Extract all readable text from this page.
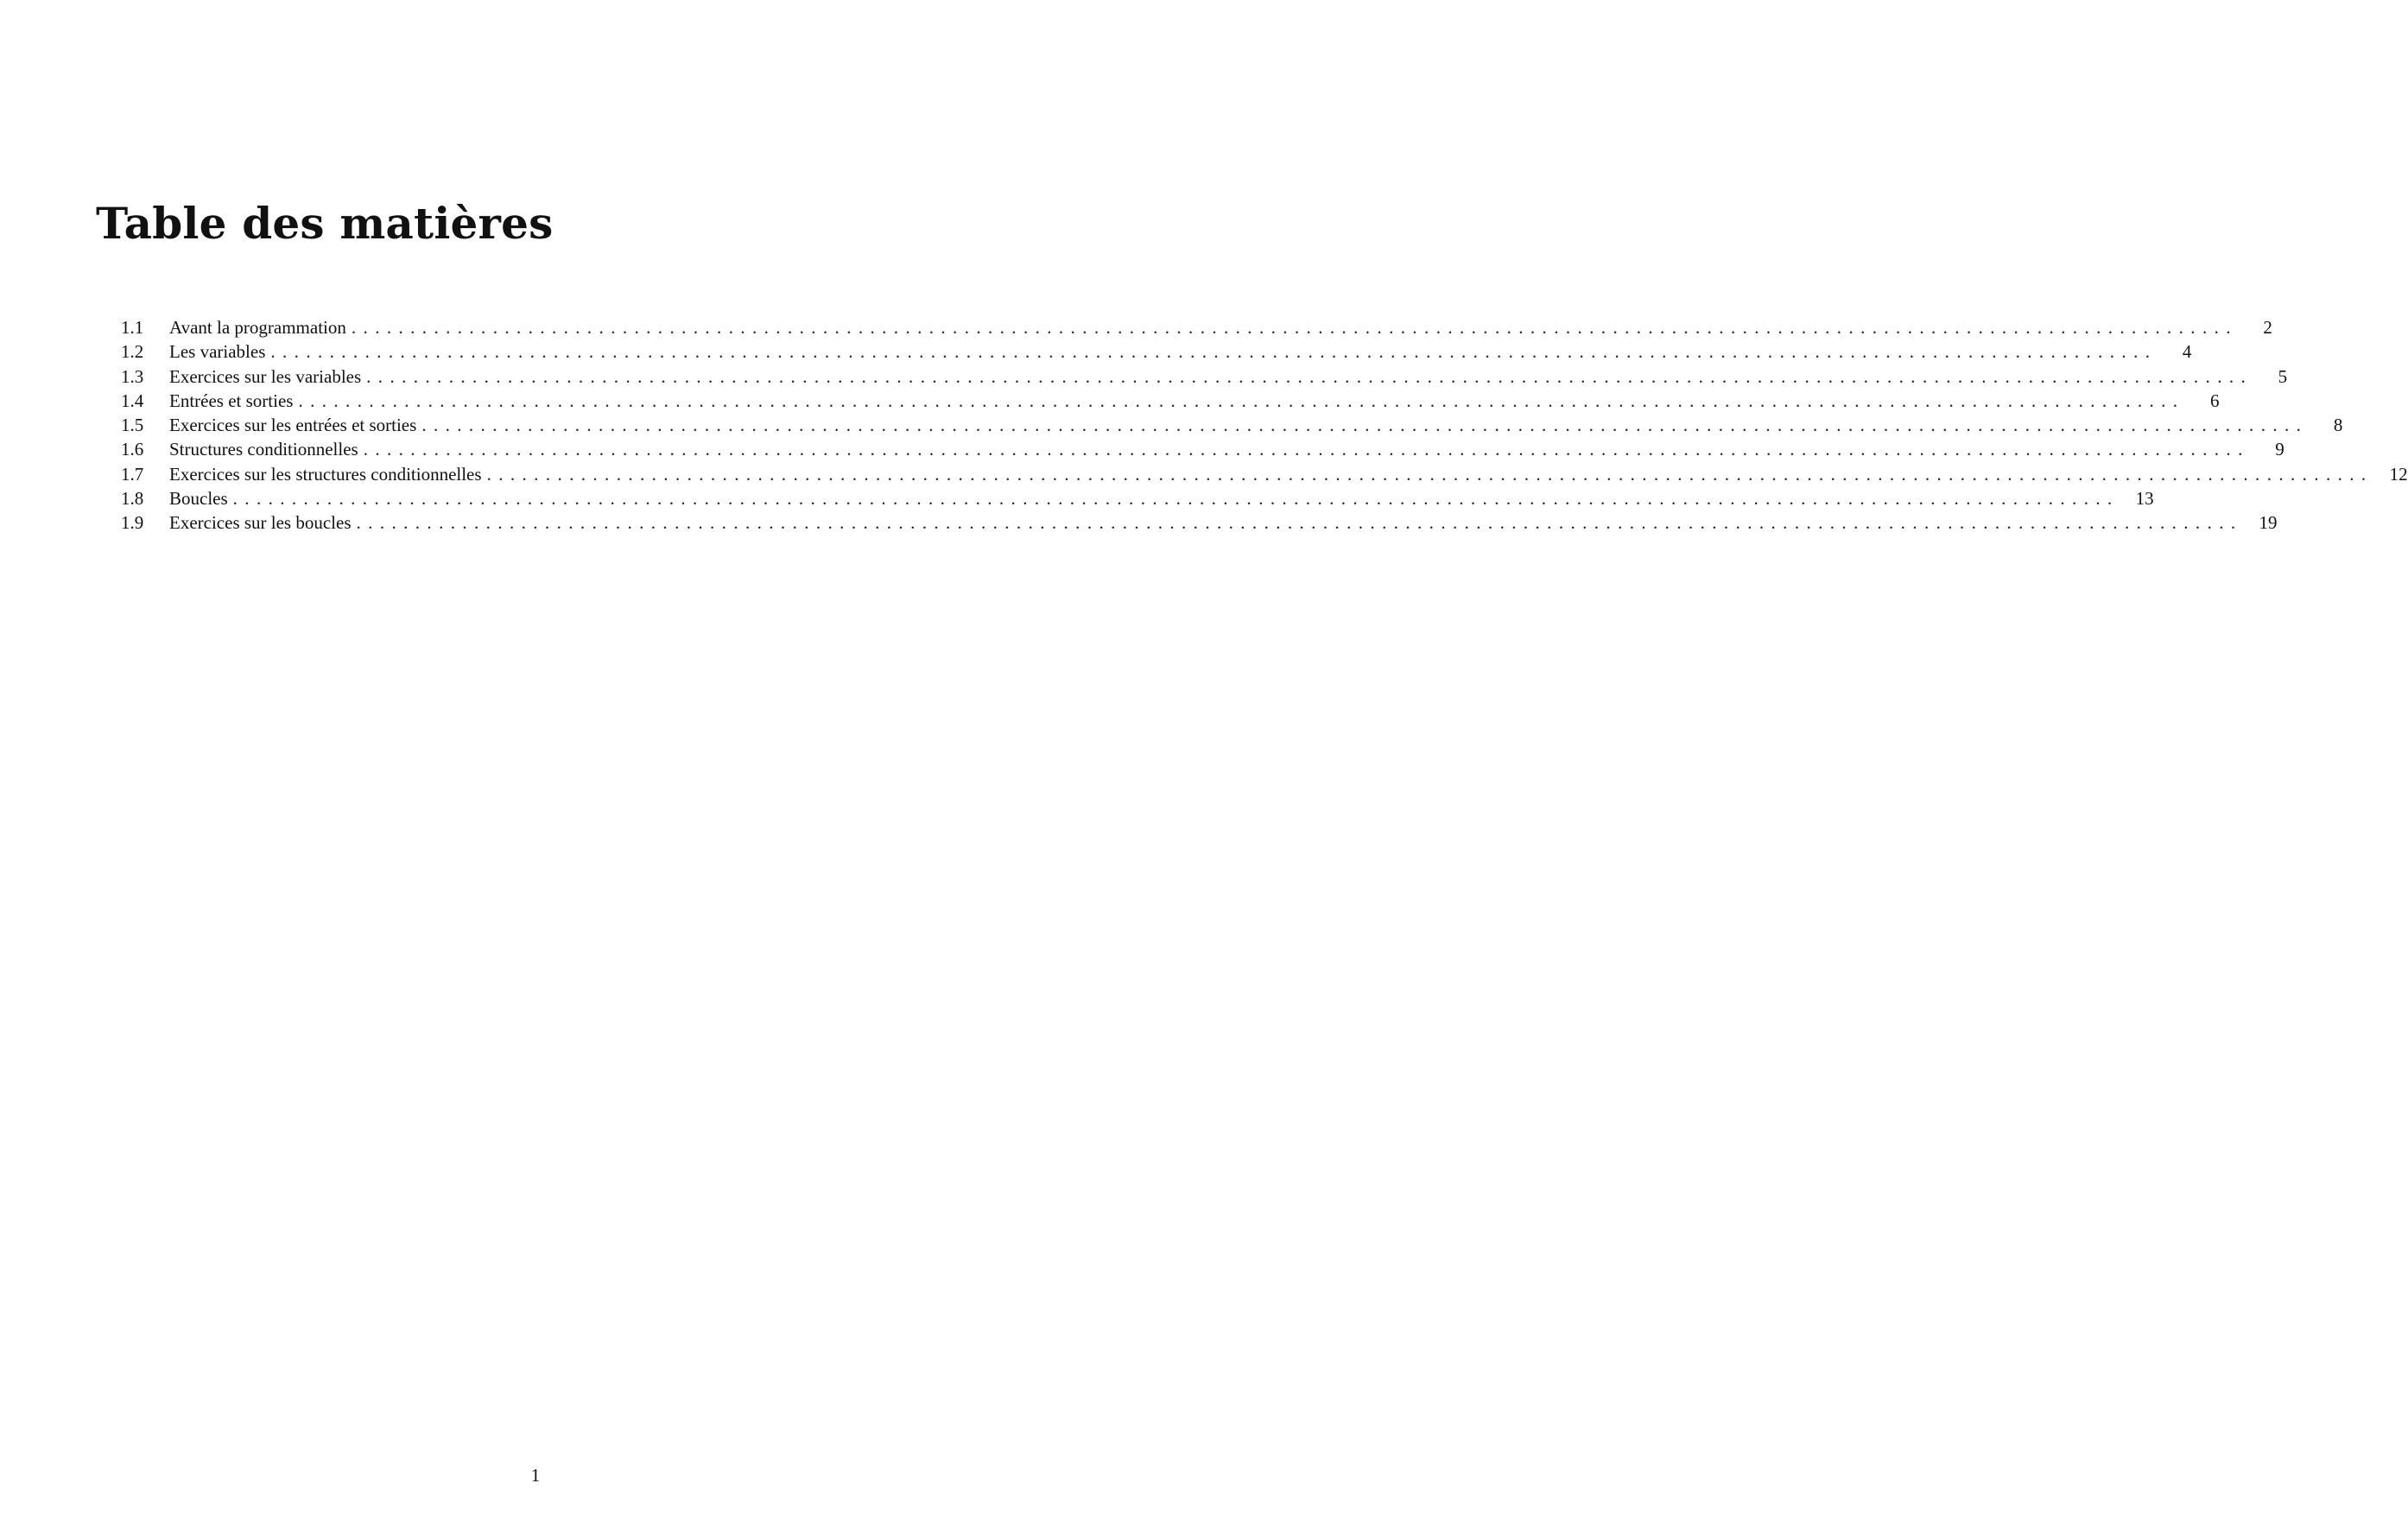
Table des matières
1.1	Avant la programmation ................................................................................................................................................................	2
1.2	Les variables ................................................................................................................................................................	4
1.3	Exercices sur les variables ................................................................................................................................................................	5
1.4	Entrées et sorties ................................................................................................................................................................	6
1.5	Exercices sur les entrées et sorties ................................................................................................................................................................	8
1.6	Structures conditionnelles ................................................................................................................................................................	9
1.7	Exercices sur les structures conditionnelles ................................................................................................................................................................ 12
1.8	Boucles ................................................................................................................................................................ 13
1.9	Exercices sur les boucles ................................................................................................................................................................ 19
1
